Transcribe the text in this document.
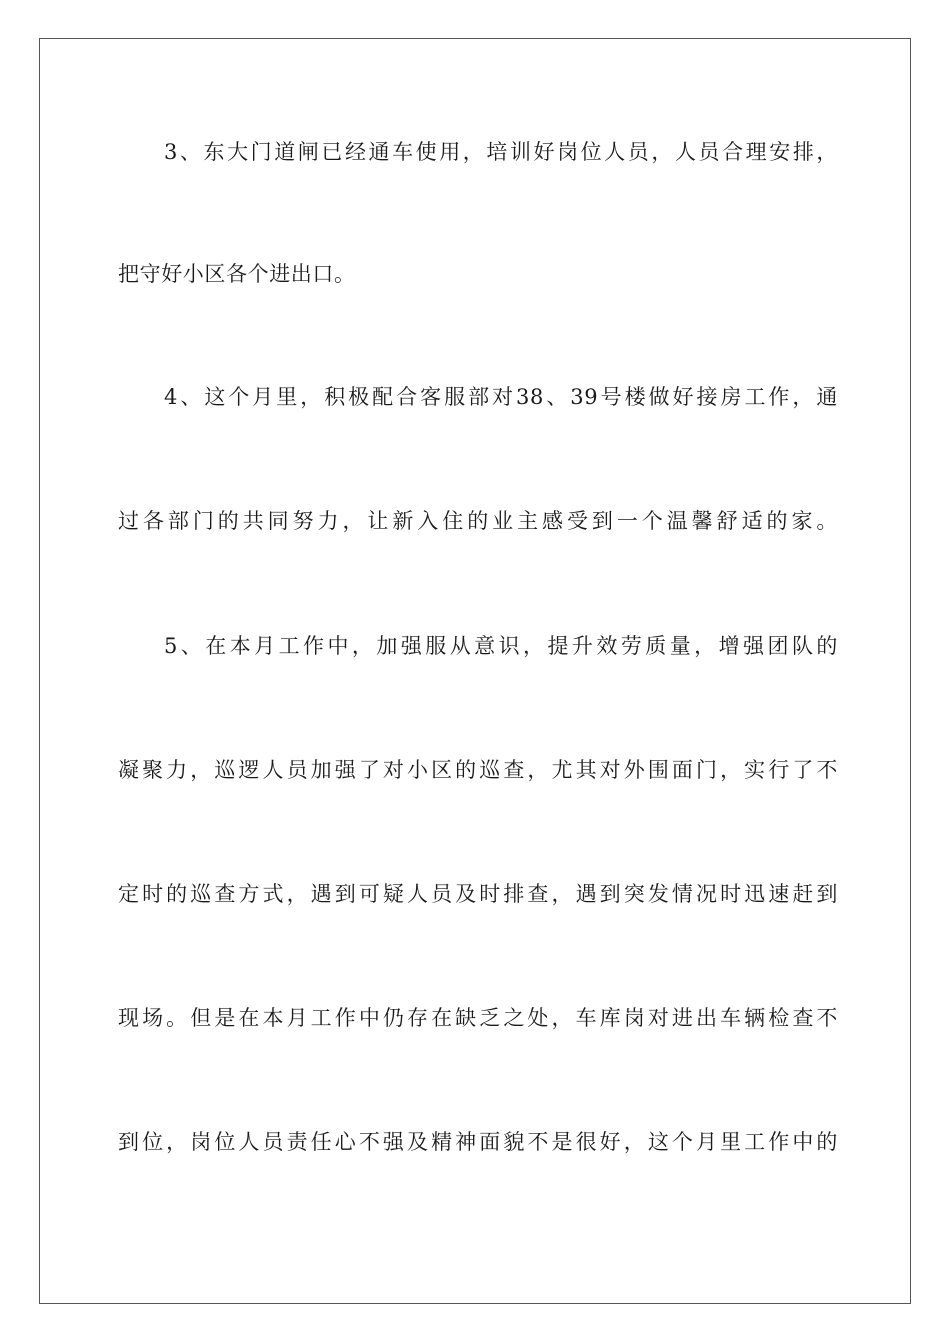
3、东大门道闸已经通车使用，培训好岗位人员，人员合理安排，
把守好小区各个进出口。
4、这个月里，积极配合客服部对38、39号楼做好接房工作，通
过各部门的共同努力，让新入住的业主感受到一个温馨舒适的家。
5、在本月工作中，加强服从意识，提升效劳质量，增强团队的
凝聚力，巡逻人员加强了对小区的巡查，尤其对外围面门，实行了不
定时的巡查方式，遇到可疑人员及时排查，遇到突发情况时迅速赶到
现场。但是在本月工作中仍存在缺乏之处，车库岗对进出车辆检查不
到位，岗位人员责任心不强及精神面貌不是很好，这个月里工作中的
